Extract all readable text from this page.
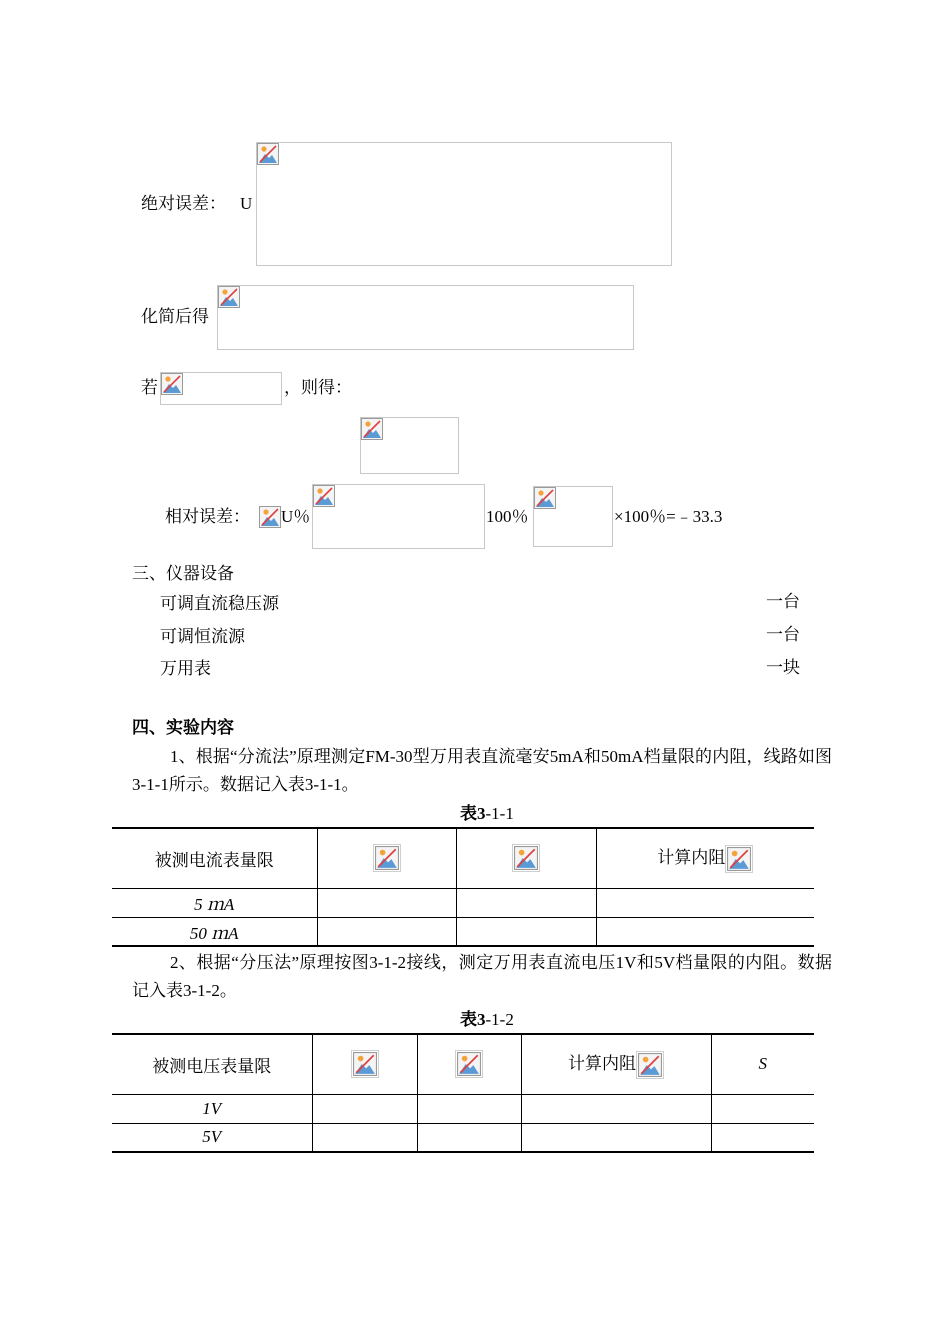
绝对误差： U
化简后得
若	，则得：
相对误差： U％	100％	×100％=﹣33.3
三、仪器设备
可调直流稳压源	一台
可调恒流源	一台
万用表	一块
四、实验内容
1、根据“分流法”原理测定FM-30型万用表直流毫安5mA和50mA档量限的内阻，线路如图3-1-1所示。数据记入表3-1-1。
表3-1-1
被测电流表量限			计算内阻

5 ｍA			
50 ｍA			
2、根据“分压法”原理按图3-1-2接线，测定万用表直流电压1V和5V档量限的内阻。数据记入表3-1-2。
表3-1-2
被测电压表量限			计算内阻	S
1V				
5V				
